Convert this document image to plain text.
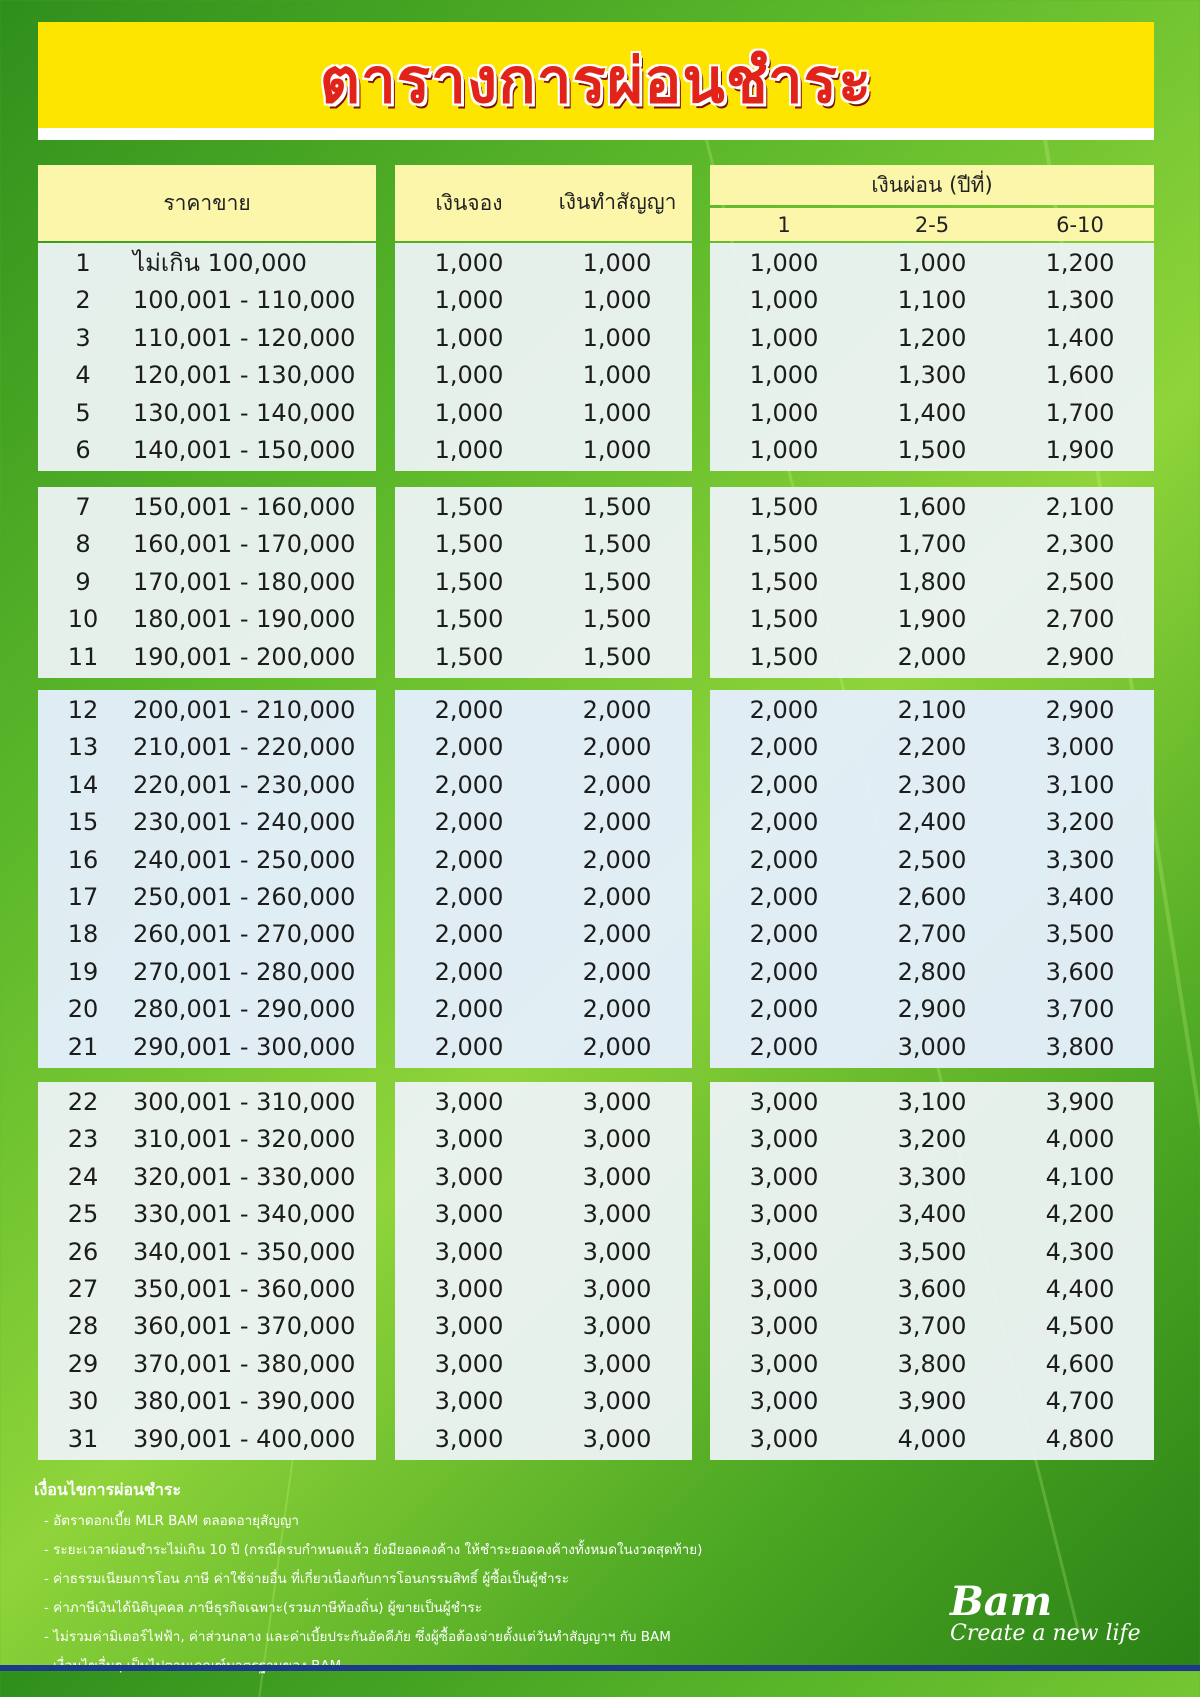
ตารางการผ่อนชำระ
ราคาขาย	เงินจอง	เงินทำสัญญา
เงินผ่อน (ปีที่)
1	2-5	6-10
1	ไม่เกิน 100,000	1,000	1,000	1,000	1,000	1,200
2	100,001 - 110,000	1,000	1,000	1,000	1,100	1,300
3	110,001 - 120,000	1,000	1,000	1,000	1,200	1,400
4	120,001 - 130,000	1,000	1,000	1,000	1,300	1,600
5	130,001 - 140,000	1,000	1,000	1,000	1,400	1,700
6	140,001 - 150,000	1,000	1,000	1,000	1,500	1,900
7	150,001 - 160,000	1,500	1,500	1,500	1,600	2,100
8	160,001 - 170,000	1,500	1,500	1,500	1,700	2,300
9	170,001 - 180,000	1,500	1,500	1,500	1,800	2,500
10	180,001 - 190,000	1,500	1,500	1,500	1,900	2,700
11	190,001 - 200,000	1,500	1,500	1,500	2,000	2,900
12	200,001 - 210,000	2,000	2,000	2,000	2,100	2,900
13	210,001 - 220,000	2,000	2,000	2,000	2,200	3,000
14	220,001 - 230,000	2,000	2,000	2,000	2,300	3,100
15	230,001 - 240,000	2,000	2,000	2,000	2,400	3,200
16	240,001 - 250,000	2,000	2,000	2,000	2,500	3,300
17	250,001 - 260,000	2,000	2,000	2,000	2,600	3,400
18	260,001 - 270,000	2,000	2,000	2,000	2,700	3,500
19	270,001 - 280,000	2,000	2,000	2,000	2,800	3,600
20	280,001 - 290,000	2,000	2,000	2,000	2,900	3,700
21	290,001 - 300,000	2,000	2,000	2,000	3,000	3,800
22	300,001 - 310,000	3,000	3,000	3,000	3,100	3,900
23	310,001 - 320,000	3,000	3,000	3,000	3,200	4,000
24	320,001 - 330,000	3,000	3,000	3,000	3,300	4,100
25	330,001 - 340,000	3,000	3,000	3,000	3,400	4,200
26	340,001 - 350,000	3,000	3,000	3,000	3,500	4,300
27	350,001 - 360,000	3,000	3,000	3,000	3,600	4,400
28	360,001 - 370,000	3,000	3,000	3,000	3,700	4,500
29	370,001 - 380,000	3,000	3,000	3,000	3,800	4,600
30	380,001 - 390,000	3,000	3,000	3,000	3,900	4,700
31	390,001 - 400,000	3,000	3,000	3,000	4,000	4,800
เงื่อนไขการผ่อนชำระ
- อัตราดอกเบี้ย MLR BAM ตลอดอายุสัญญา
- ระยะเวลาผ่อนชำระไม่เกิน 10 ปี (กรณีครบกำหนดแล้ว ยังมียอดคงค้าง ให้ชำระยอดคงค้างทั้งหมดในงวดสุดท้าย)
- ค่าธรรมเนียมการโอน ภาษี ค่าใช้จ่ายอื่น ที่เกี่ยวเนื่องกับการโอนกรรมสิทธิ์ ผู้ซื้อเป็นผู้ชำระ
- ค่าภาษีเงินได้นิติบุคคล ภาษีธุรกิจเฉพาะ(รวมภาษีท้องถิ่น) ผู้ขายเป็นผู้ชำระ
- ไม่รวมค่ามิเตอร์ไฟฟ้า, ค่าส่วนกลาง และค่าเบี้ยประกันอัคคีภัย ซึ่งผู้ซื้อต้องจ่ายตั้งแต่วันทำสัญญาฯ กับ BAM
Bam
Create a new life
